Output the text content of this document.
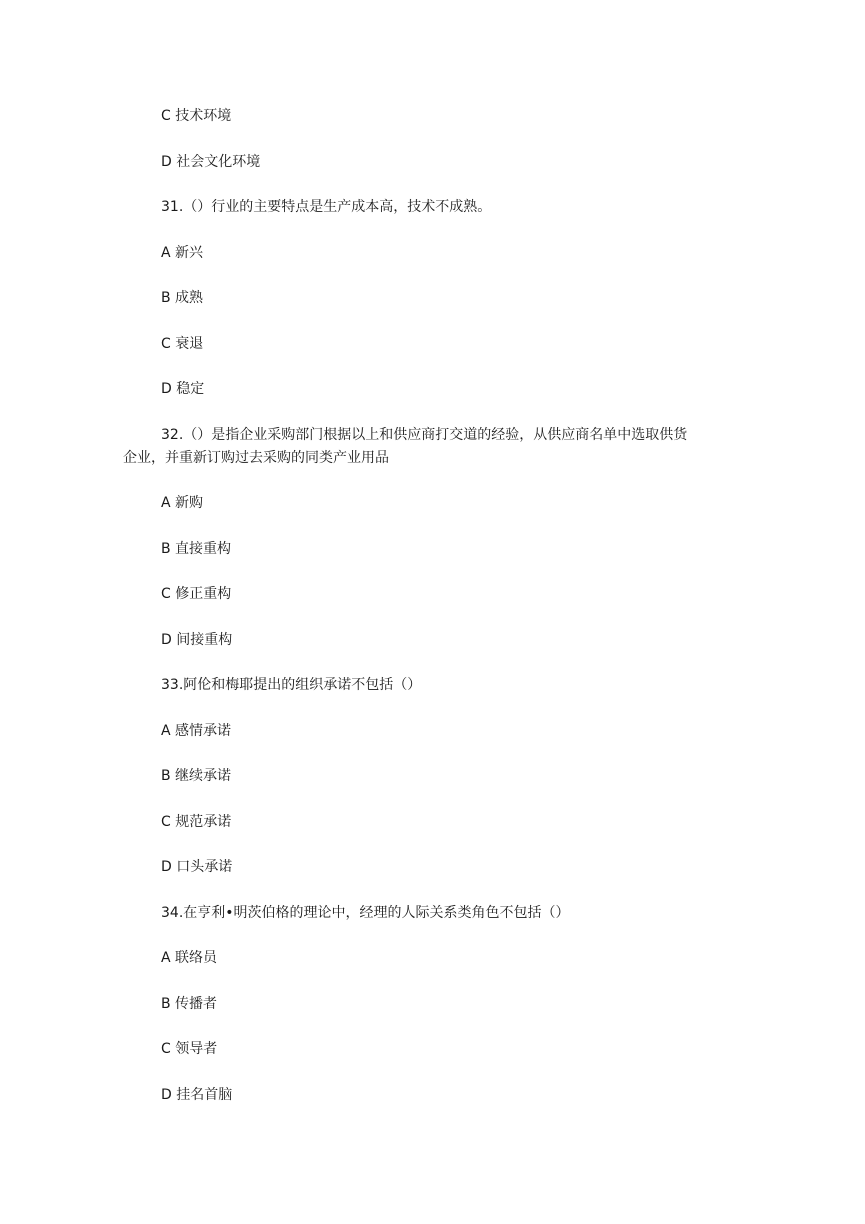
C 技术环境
D 社会文化环境
31.（）行业的主要特点是生产成本高，技术不成熟。
A 新兴
B 成熟
C 衰退
D 稳定
32.（）是指企业采购部门根据以上和供应商打交道的经验，从供应商名单中选取供货
企业，并重新订购过去采购的同类产业用品
A 新购
B 直接重构
C 修正重构
D 间接重构
33.阿伦和梅耶提出的组织承诺不包括（）
A 感情承诺
B 继续承诺
C 规范承诺
D 口头承诺
34.在亨利•明茨伯格的理论中，经理的人际关系类角色不包括（）
A 联络员
B 传播者
C 领导者
D 挂名首脑
